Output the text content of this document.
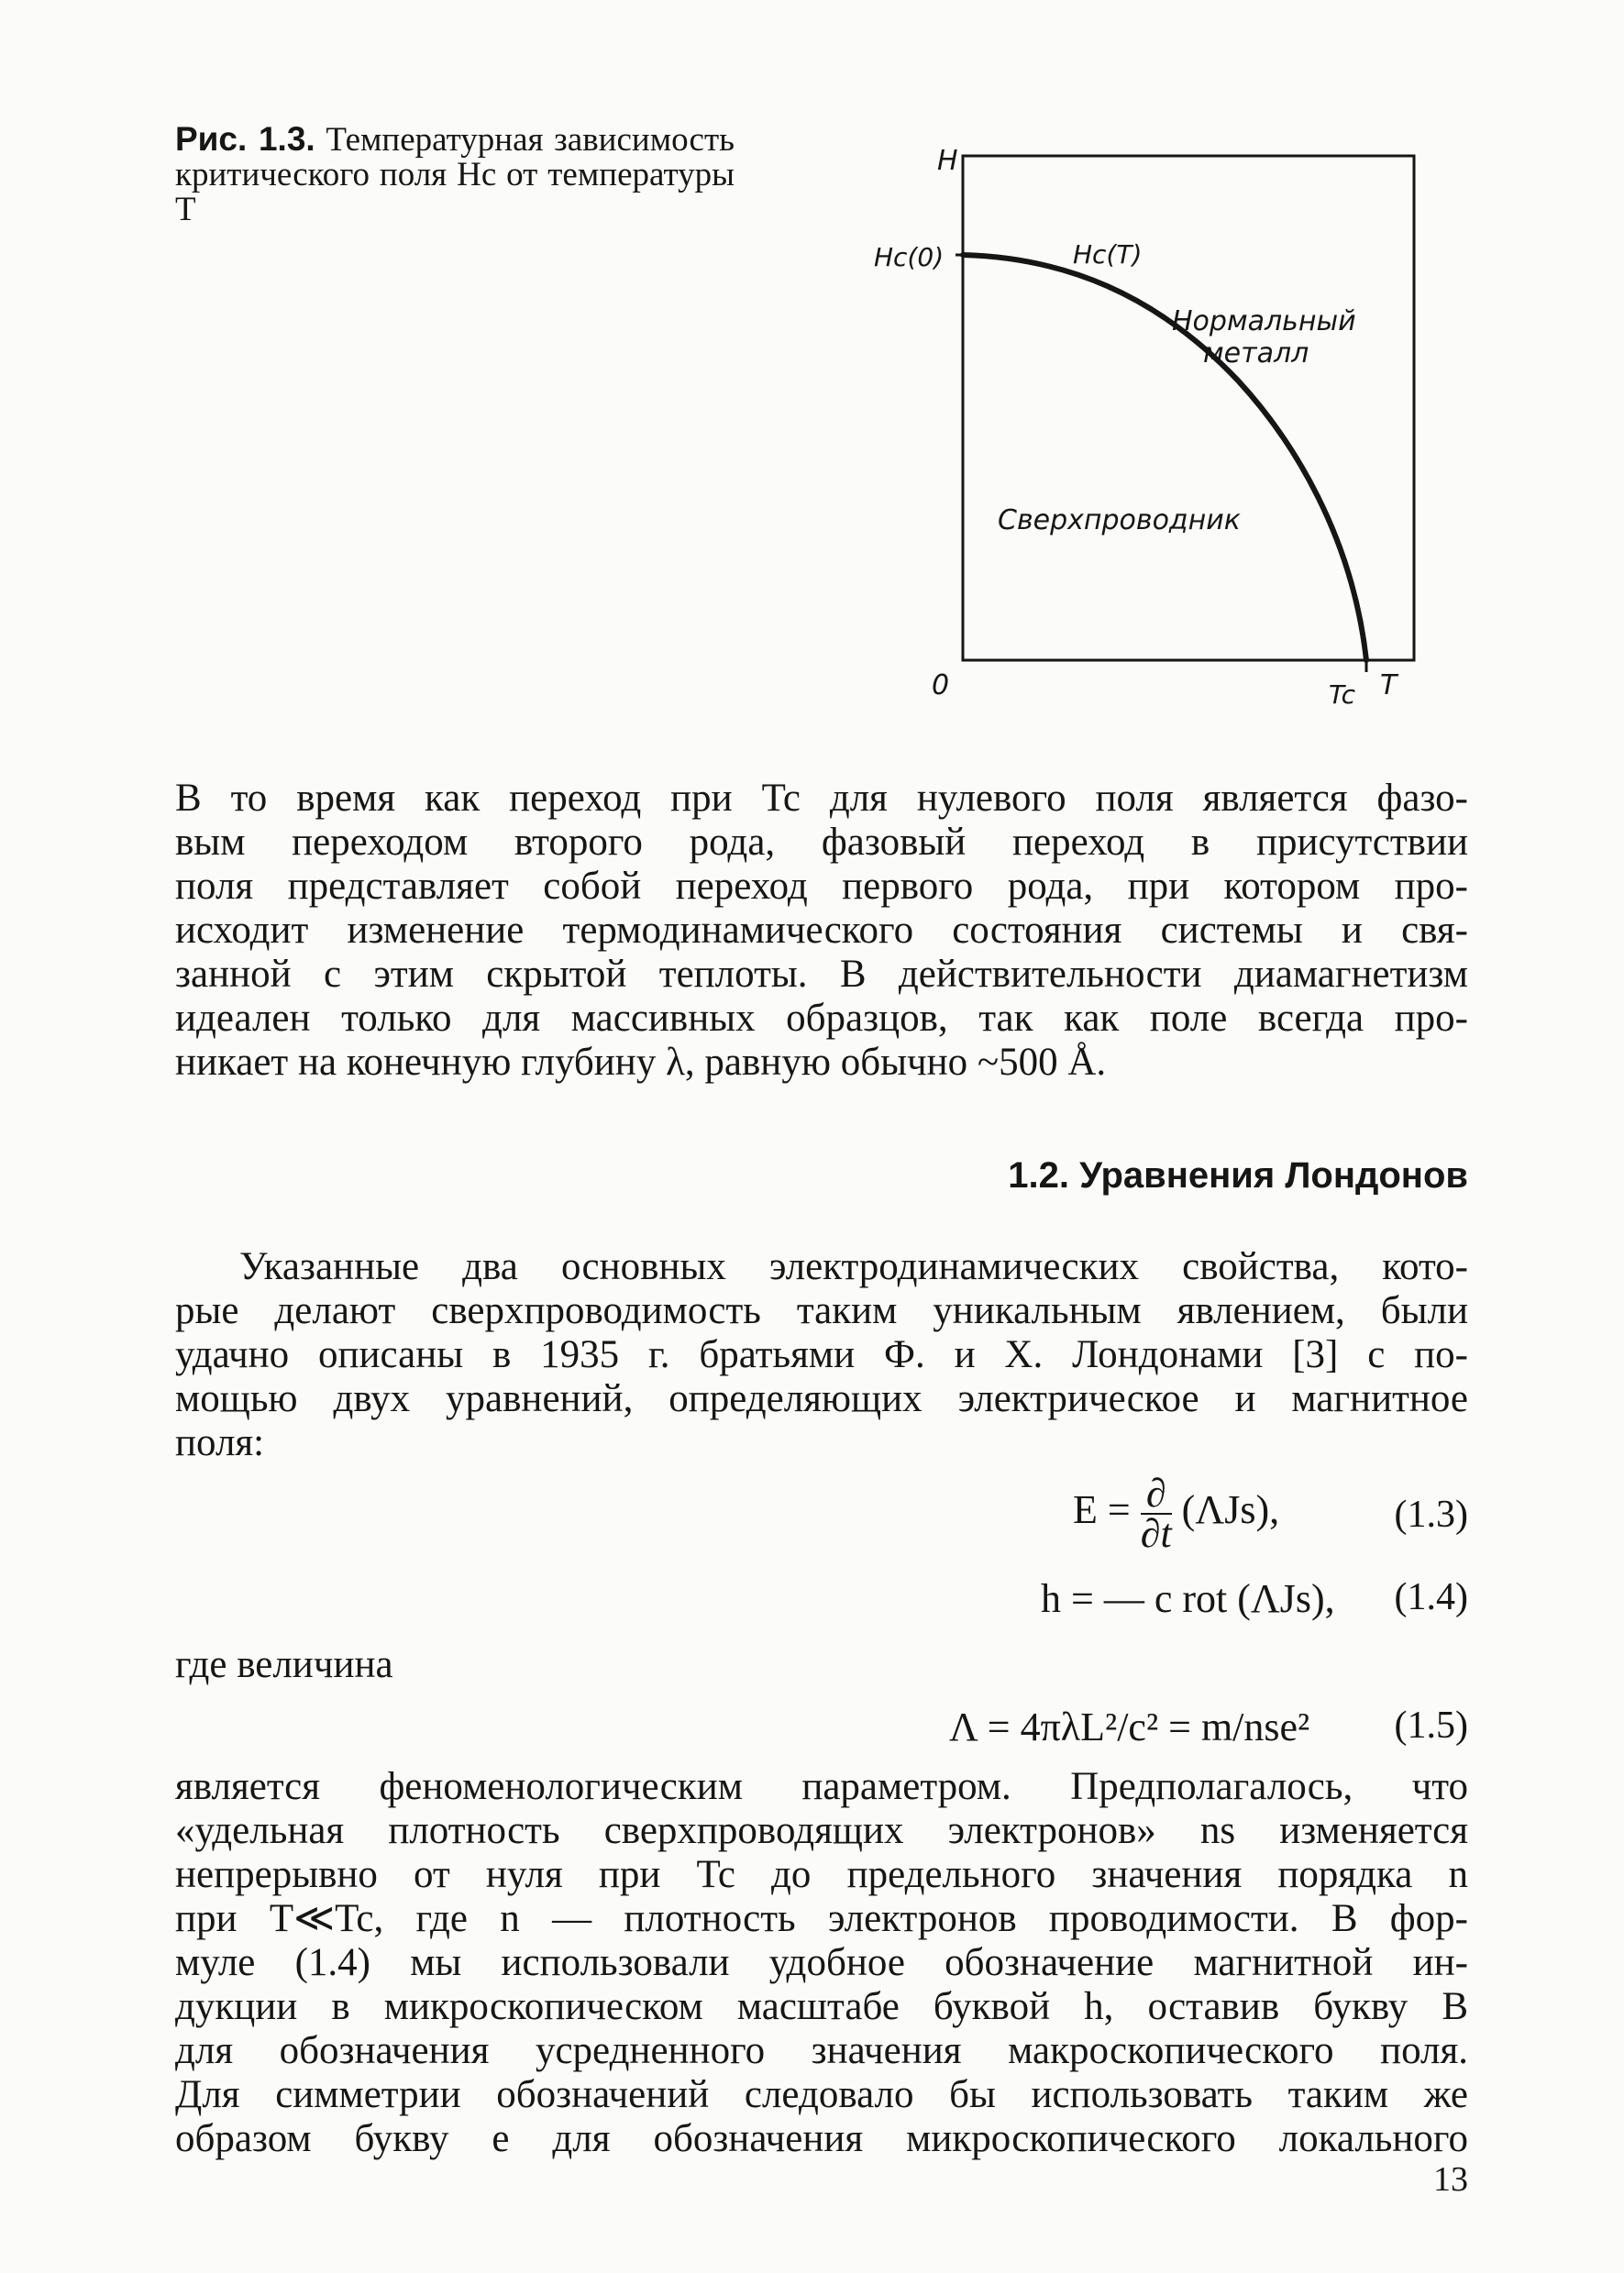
Рис. 1.3. Температурная зависимость критического поля Hc от температуры T
H
Hc(0)	Hc(T)
Нормальный
металл
Сверхпроводник
0	Tc T

В то время как переход при Tc для нулевого поля является фазо-
вым переходом второго рода, фазовый переход в присутствии
поля представляет собой переход первого рода, при котором про-
исходит изменение термодинамического состояния системы и свя-
занной с этим скрытой теплоты. В действительности диамагнетизм
идеален только для массивных образцов, так как поле всегда про-
никает на конечную глубину λ, равную обычно ~500 Å.

1.2. Уравнения Лондонов

Указанные два основных электродинамических свойства, кото-
рые делают сверхпроводимость таким уникальным явлением, были
удачно описаны в 1935 г. братьями Ф. и Х. Лондонами [3] с по-
мощью двух уравнений, определяющих электрическое и магнитное
поля:

$E = \frac{\partial}{\partial t} (\Lambda Js)$,	(1.3)
h = — c rot (ΛJs), (1.4)
где величина
Λ = 4πλL²/c² = m/nse² (1.5)

является феноменологическим параметром. Предполагалось, что
«удельная плотность сверхпроводящих электронов» ns изменяется
непрерывно от нуля при Tc до предельного значения порядка n
при T≪Tc, где n — плотность электронов проводимости. В фор-
муле (1.4) мы использовали удобное обозначение магнитной ин-
дукции в микроскопическом масштабе буквой h, оставив букву B
для обозначения усредненного значения макроскопического поля.
Для симметрии обозначений следовало бы использовать таким же
образом букву e для обозначения микроскопического локального

13
